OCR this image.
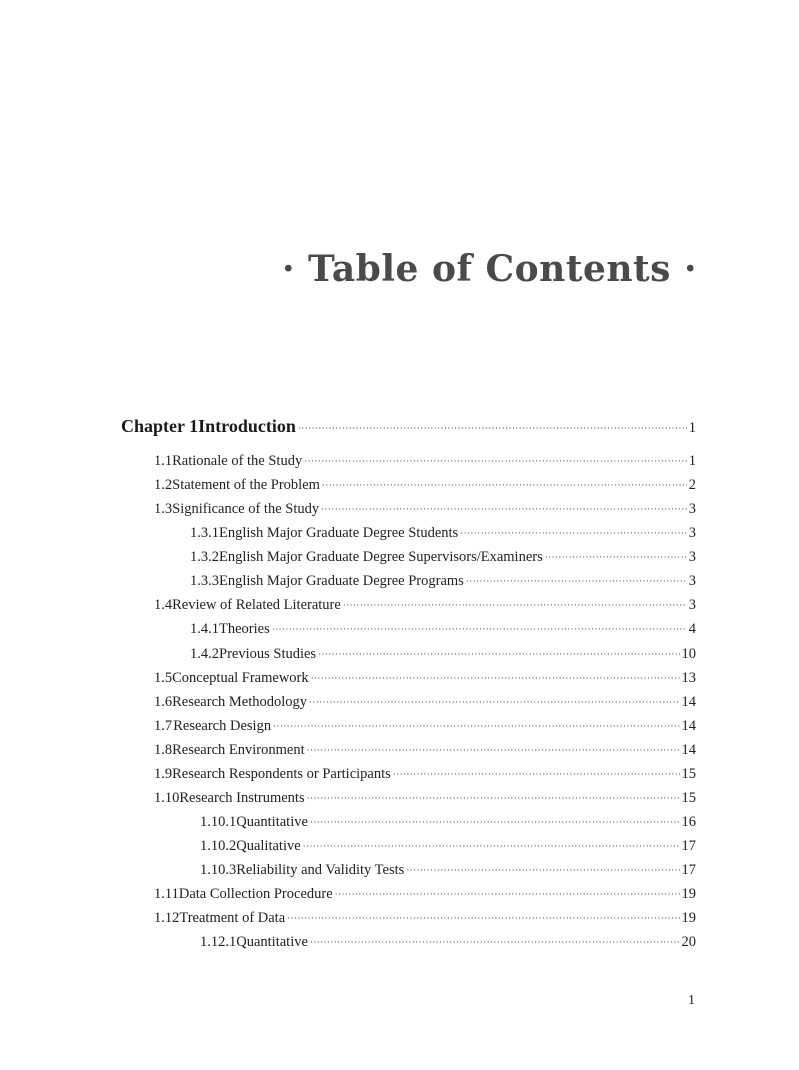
· Table of Contents ·
Chapter 1 Introduction ·····	1
1.1 Rationale of the Study ·····	1
1.2 Statement of the Problem ·····	2
1.3 Significance of the Study ·····	3
1.3.1 English Major Graduate Degree Students ·····	3
1.3.2 English Major Graduate Degree Supervisors/Examiners ·····	3
1.3.3 English Major Graduate Degree Programs ·····	3
1.4 Review of Related Literature ·····	3
1.4.1 Theories ·····	4
1.4.2 Previous Studies ·····	10
1.5 Conceptual Framework ·····	13
1.6 Research Methodology ·····	14
1.7 Research Design ·····	14
1.8 Research Environment ·····	14
1.9 Research Respondents or Participants ·····	15
1.10 Research Instruments ·····	15
1.10.1 Quantitative ·····	16
1.10.2 Qualitative ·····	17
1.10.3 Reliability and Validity Tests ·····	17
1.11 Data Collection Procedure ·····	19
1.12 Treatment of Data ·····	19
1.12.1 Quantitative ·····	20
1
